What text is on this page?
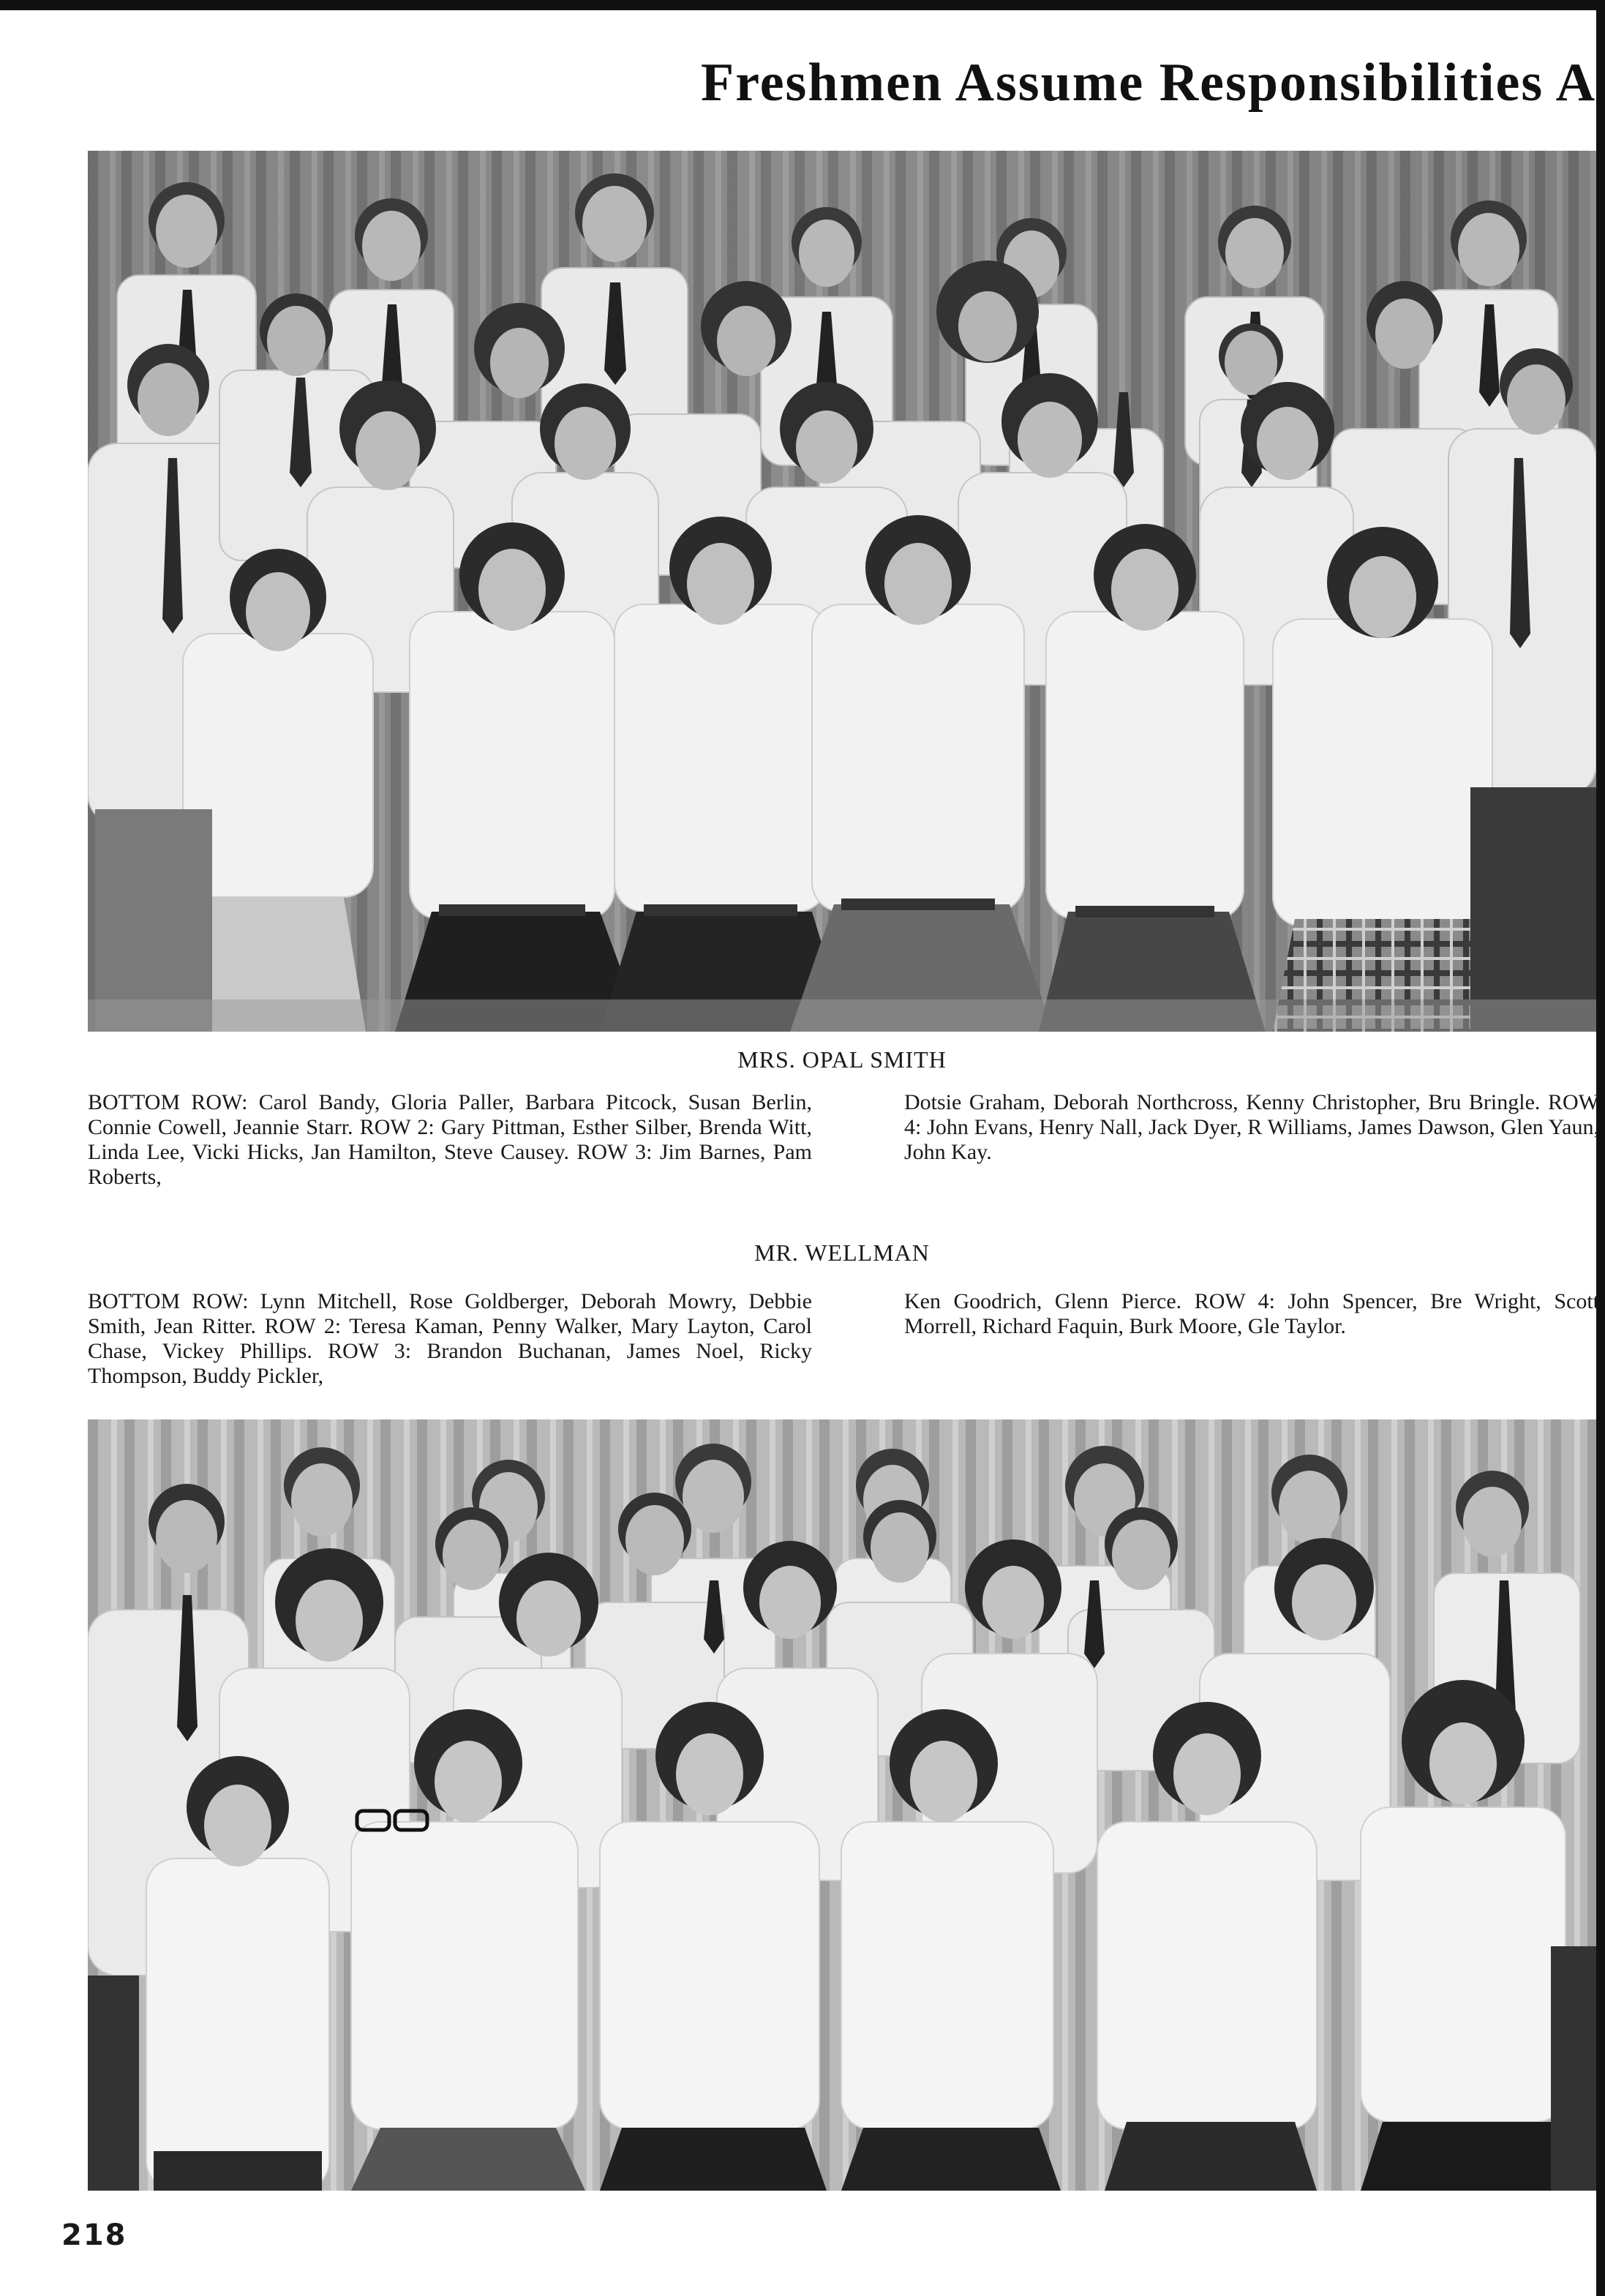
Freshmen Assume Responsibilities A
MRS. OPAL SMITH
BOTTOM ROW: Carol Bandy, Gloria Paller, Barbara Pitcock, Susan Berlin, Connie Cowell, Jeannie Starr. ROW 2: Gary Pittman, Esther Silber, Brenda Witt, Linda Lee, Vicki Hicks, Jan Hamilton, Steve Causey. ROW 3: Jim Barnes, Pam Roberts,
Dotsie Graham, Deborah Northcross, Kenny Christopher, Bru Bringle. ROW 4: John Evans, Henry Nall, Jack Dyer, R Williams, James Dawson, Glen Yaun, John Kay.
MR. WELLMAN
BOTTOM ROW: Lynn Mitchell, Rose Goldberger, Deborah Mowry, Debbie Smith, Jean Ritter. ROW 2: Teresa Kaman, Penny Walker, Mary Layton, Carol Chase, Vickey Phillips. ROW 3: Brandon Buchanan, James Noel, Ricky Thompson, Buddy Pickler,
Ken Goodrich, Glenn Pierce. ROW 4: John Spencer, Bre Wright, Scott Morrell, Richard Faquin, Burk Moore, Gle Taylor.
218
